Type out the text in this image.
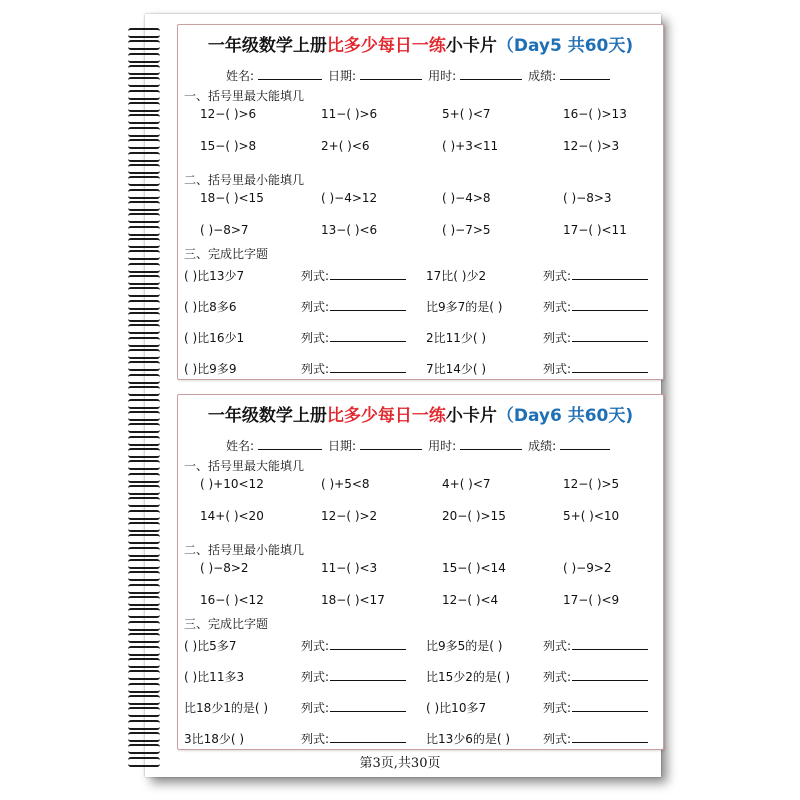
一年级数学上册比多少每日一练小卡片（Day5 共60天)
姓名:	日期:	用时:	成绩:
一、括号里最大能填几
12−( )>6	11−( )>6	5+( )<7	16−( )>13
15−( )>8	2+( )<6	( )+3<11	12−( )>3
二、括号里最小能填几
18−( )<15	( )−4>12	( )−4>8	( )−8>3
( )−8>7	13−( )<6	( )−7>5	17−( )<11
三、完成比字题
( )比13少7	列式:	17比( )少2	列式:
( )比8多6	列式:	比9多7的是( )	列式:
( )比16少1	列式:	2比11少( )	列式:
( )比9多9	列式:	7比14少( )	列式:
一年级数学上册比多少每日一练小卡片（Day6 共60天)
姓名:	日期:	用时:	成绩:
一、括号里最大能填几
( )+10<12	( )+5<8	4+( )<7	12−( )>5
14+( )<20	12−( )>2	20−( )>15	5+( )<10
二、括号里最小能填几
( )−8>2	11−( )<3	15−( )<14	( )−9>2
16−( )<12	18−( )<17	12−( )<4	17−( )<9
三、完成比字题
( )比5多7	列式:	比9多5的是( )	列式:
( )比11多3	列式:	比15少2的是( )	列式:
比18少1的是( )	列式:	( )比10多7	列式:
3比18少( )	列式:	比13少6的是( )	列式:
第3页,共30页
